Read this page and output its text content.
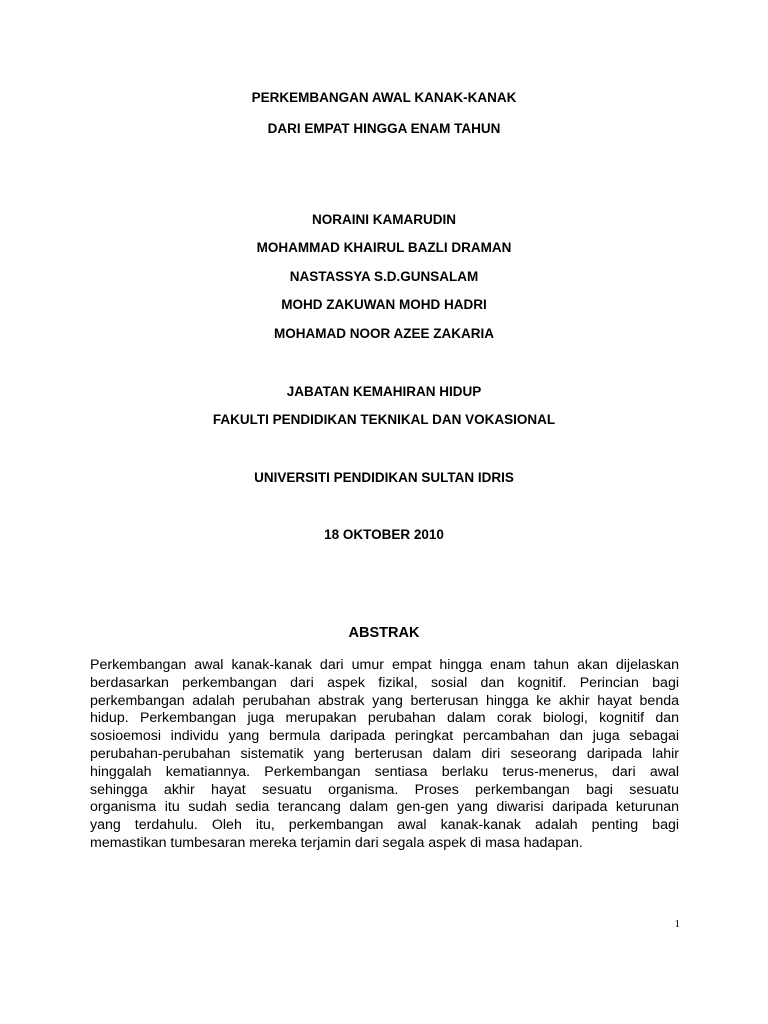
PERKEMBANGAN AWAL KANAK-KANAK
DARI EMPAT HINGGA ENAM TAHUN
NORAINI KAMARUDIN
MOHAMMAD KHAIRUL BAZLI DRAMAN
NASTASSYA S.D.GUNSALAM
MOHD ZAKUWAN MOHD HADRI
MOHAMAD NOOR AZEE ZAKARIA
JABATAN KEMAHIRAN HIDUP
FAKULTI PENDIDIKAN TEKNIKAL DAN VOKASIONAL
UNIVERSITI PENDIDIKAN SULTAN IDRIS
18 OKTOBER 2010
ABSTRAK
Perkembangan awal kanak-kanak dari umur empat hingga enam tahun akan dijelaskan
berdasarkan perkembangan dari aspek fizikal, sosial dan kognitif. Perincian bagi
perkembangan adalah perubahan abstrak yang berterusan hingga ke akhir hayat benda
hidup. Perkembangan juga merupakan perubahan dalam corak biologi, kognitif dan
sosioemosi individu yang bermula daripada peringkat percambahan dan juga sebagai
perubahan-perubahan sistematik yang berterusan dalam diri seseorang daripada lahir
hinggalah kematiannya. Perkembangan sentiasa berlaku terus-menerus, dari awal
sehingga akhir hayat sesuatu organisma. Proses perkembangan bagi sesuatu
organisma itu sudah sedia terancang dalam gen-gen yang diwarisi daripada keturunan
yang terdahulu. Oleh itu, perkembangan awal kanak-kanak adalah penting bagi
memastikan tumbesaran mereka terjamin dari segala aspek di masa hadapan.
1
